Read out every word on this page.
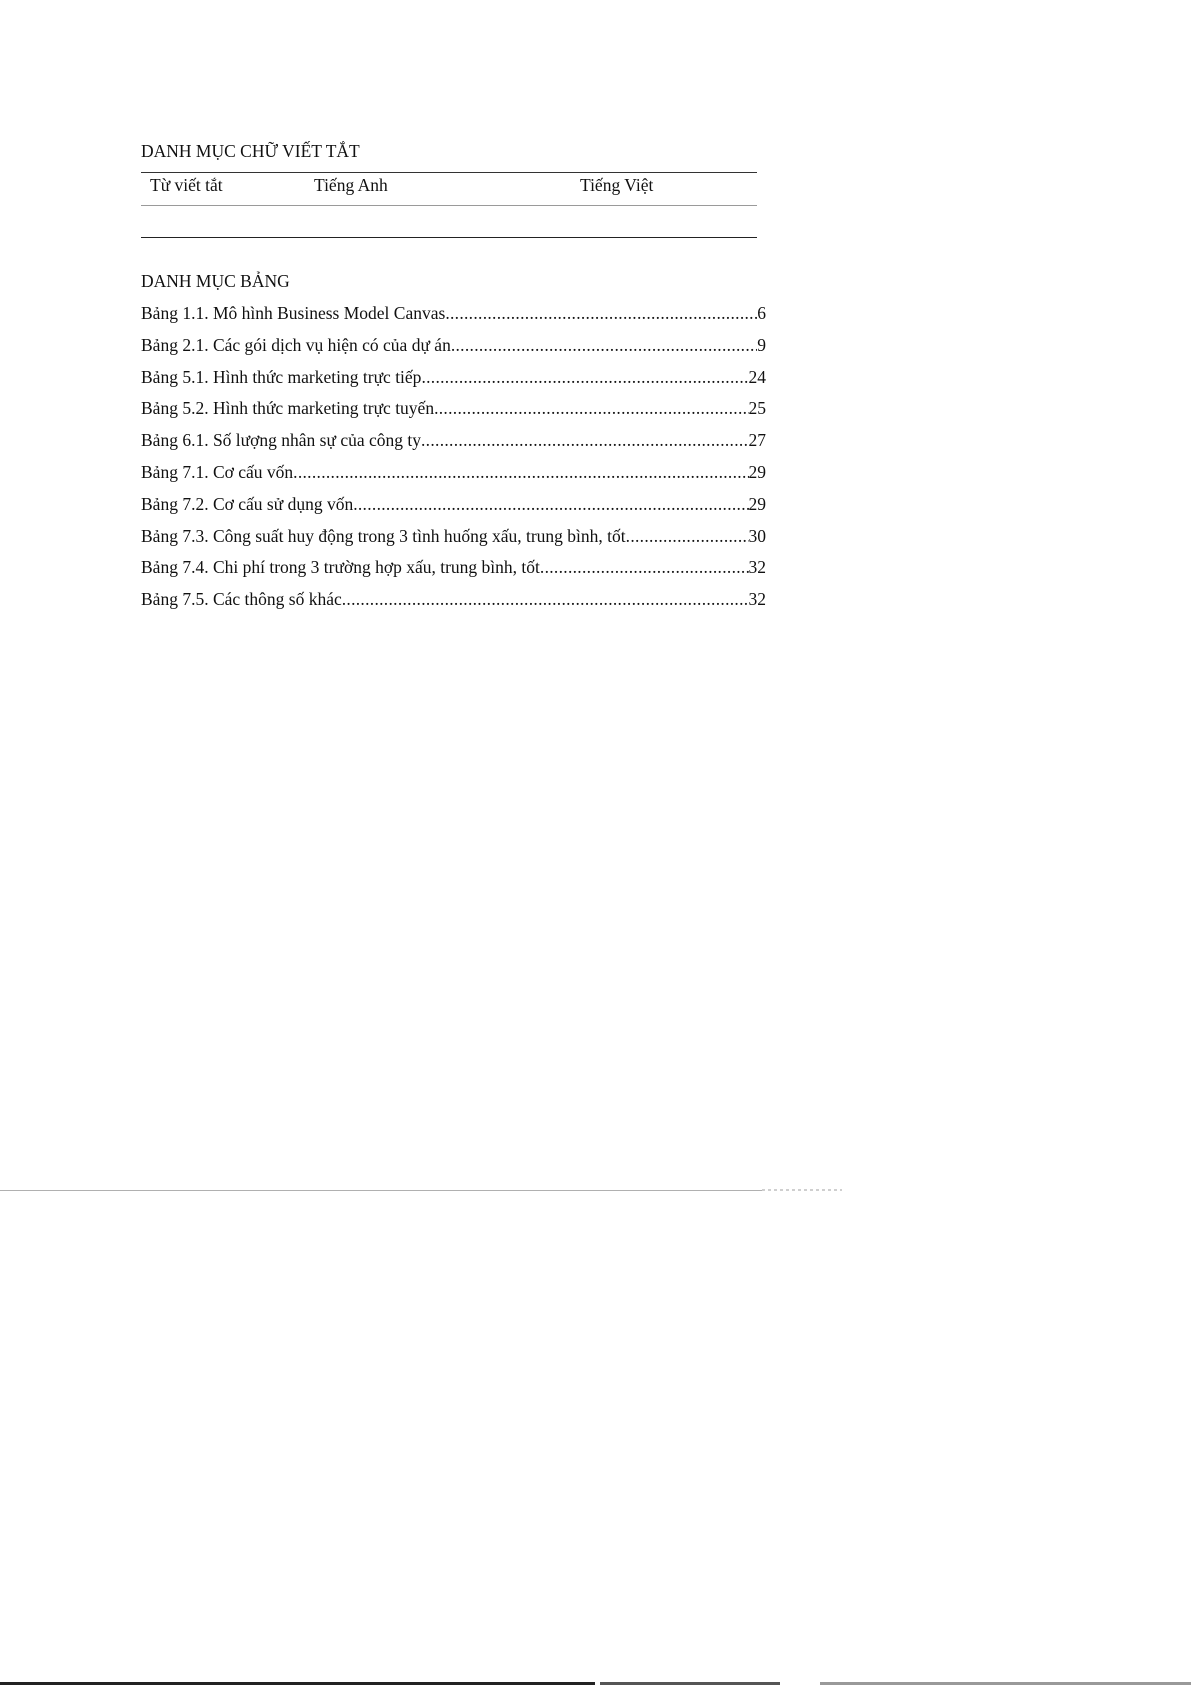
DANH MỤC CHỮ VIẾT TẮT
Từ viết tắt	Tiếng Anh	Tiếng Việt
DANH MỤC BẢNG
Bảng 1.1. Mô hình Business Model Canvas .....	6
Bảng 2.1. Các gói dịch vụ hiện có của dự án .....	9
Bảng 5.1. Hình thức marketing trực tiếp .....	24
Bảng 5.2. Hình thức marketing trực tuyến .....	25
Bảng 6.1. Số lượng nhân sự của công ty .....	27
Bảng 7.1. Cơ cấu vốn .....	29
Bảng 7.2. Cơ cấu sử dụng vốn .....	29
Bảng 7.3. Công suất huy động trong 3 tình huống xấu, trung bình, tốt .....	30
Bảng 7.4. Chi phí trong 3 trường hợp xấu, trung bình, tốt .....	32
Bảng 7.5. Các thông số khác .....	32
